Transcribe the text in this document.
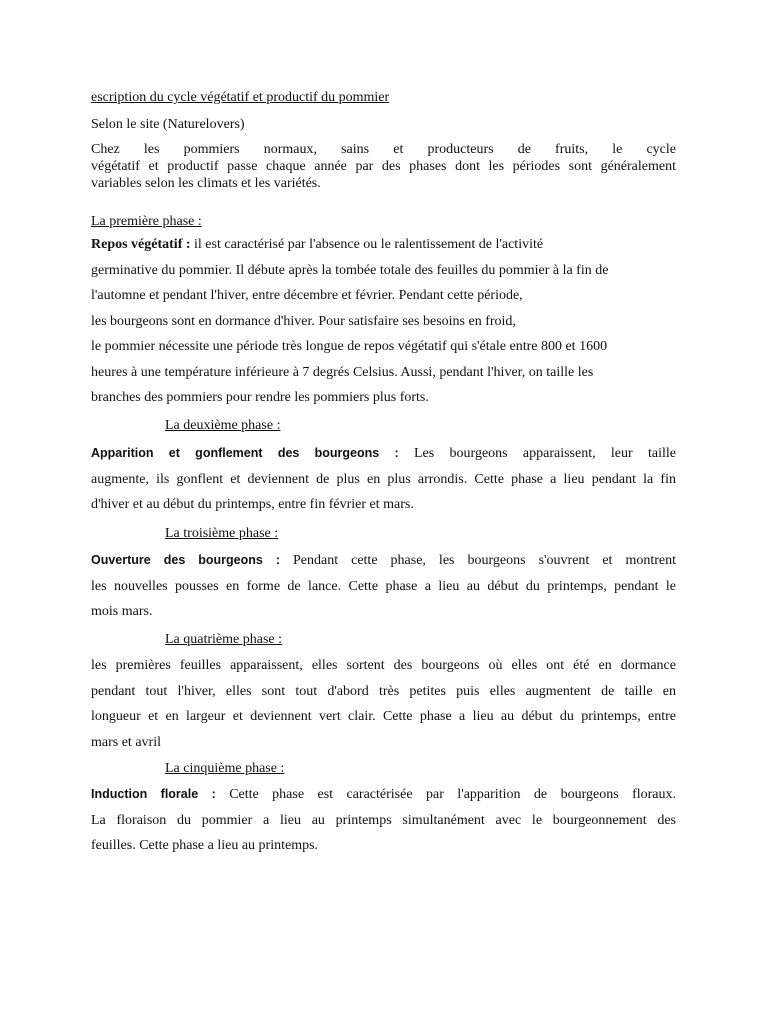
escription du cycle végétatif et productif du pommier
Selon le site (Naturelovers)
Chez les pommiers normaux, sains et producteurs de fruits, le cycle
végétatif et productif passe chaque année par des phases dont les périodes sont généralement
variables selon les climats et les variétés.
La première phase :
Repos végétatif : il est caractérisé par l'absence ou le ralentissement de l'activité
germinative du pommier. Il débute après la tombée totale des feuilles du pommier à la fin de
l'automne et pendant l'hiver, entre décembre et février. Pendant cette période,
les bourgeons sont en dormance d'hiver. Pour satisfaire ses besoins en froid,
le pommier nécessite une période très longue de repos végétatif qui s'étale entre 800 et 1600
heures à une température inférieure à 7 degrés Celsius. Aussi, pendant l'hiver, on taille les
branches des pommiers pour rendre les pommiers plus forts.
La deuxième phase :
Apparition et gonflement des bourgeons : Les bourgeons apparaissent, leur taille
augmente, ils gonflent et deviennent de plus en plus arrondis. Cette phase a lieu pendant la fin
d'hiver et au début du printemps, entre fin février et mars.
La troisième phase :
Ouverture des bourgeons : Pendant cette phase, les bourgeons s'ouvrent et montrent
les nouvelles pousses en forme de lance. Cette phase a lieu au début du printemps, pendant le
mois mars.
La quatrième phase :
les premières feuilles apparaissent, elles sortent des bourgeons où elles ont été en dormance
pendant tout l'hiver, elles sont tout d'abord très petites puis elles augmentent de taille en
longueur et en largeur et deviennent vert clair. Cette phase a lieu au début du printemps, entre
mars et avril
La cinquième phase :
Induction florale : Cette phase est caractérisée par l'apparition de bourgeons floraux.
La floraison du pommier a lieu au printemps simultanément avec le bourgeonnement des
feuilles. Cette phase a lieu au printemps.
